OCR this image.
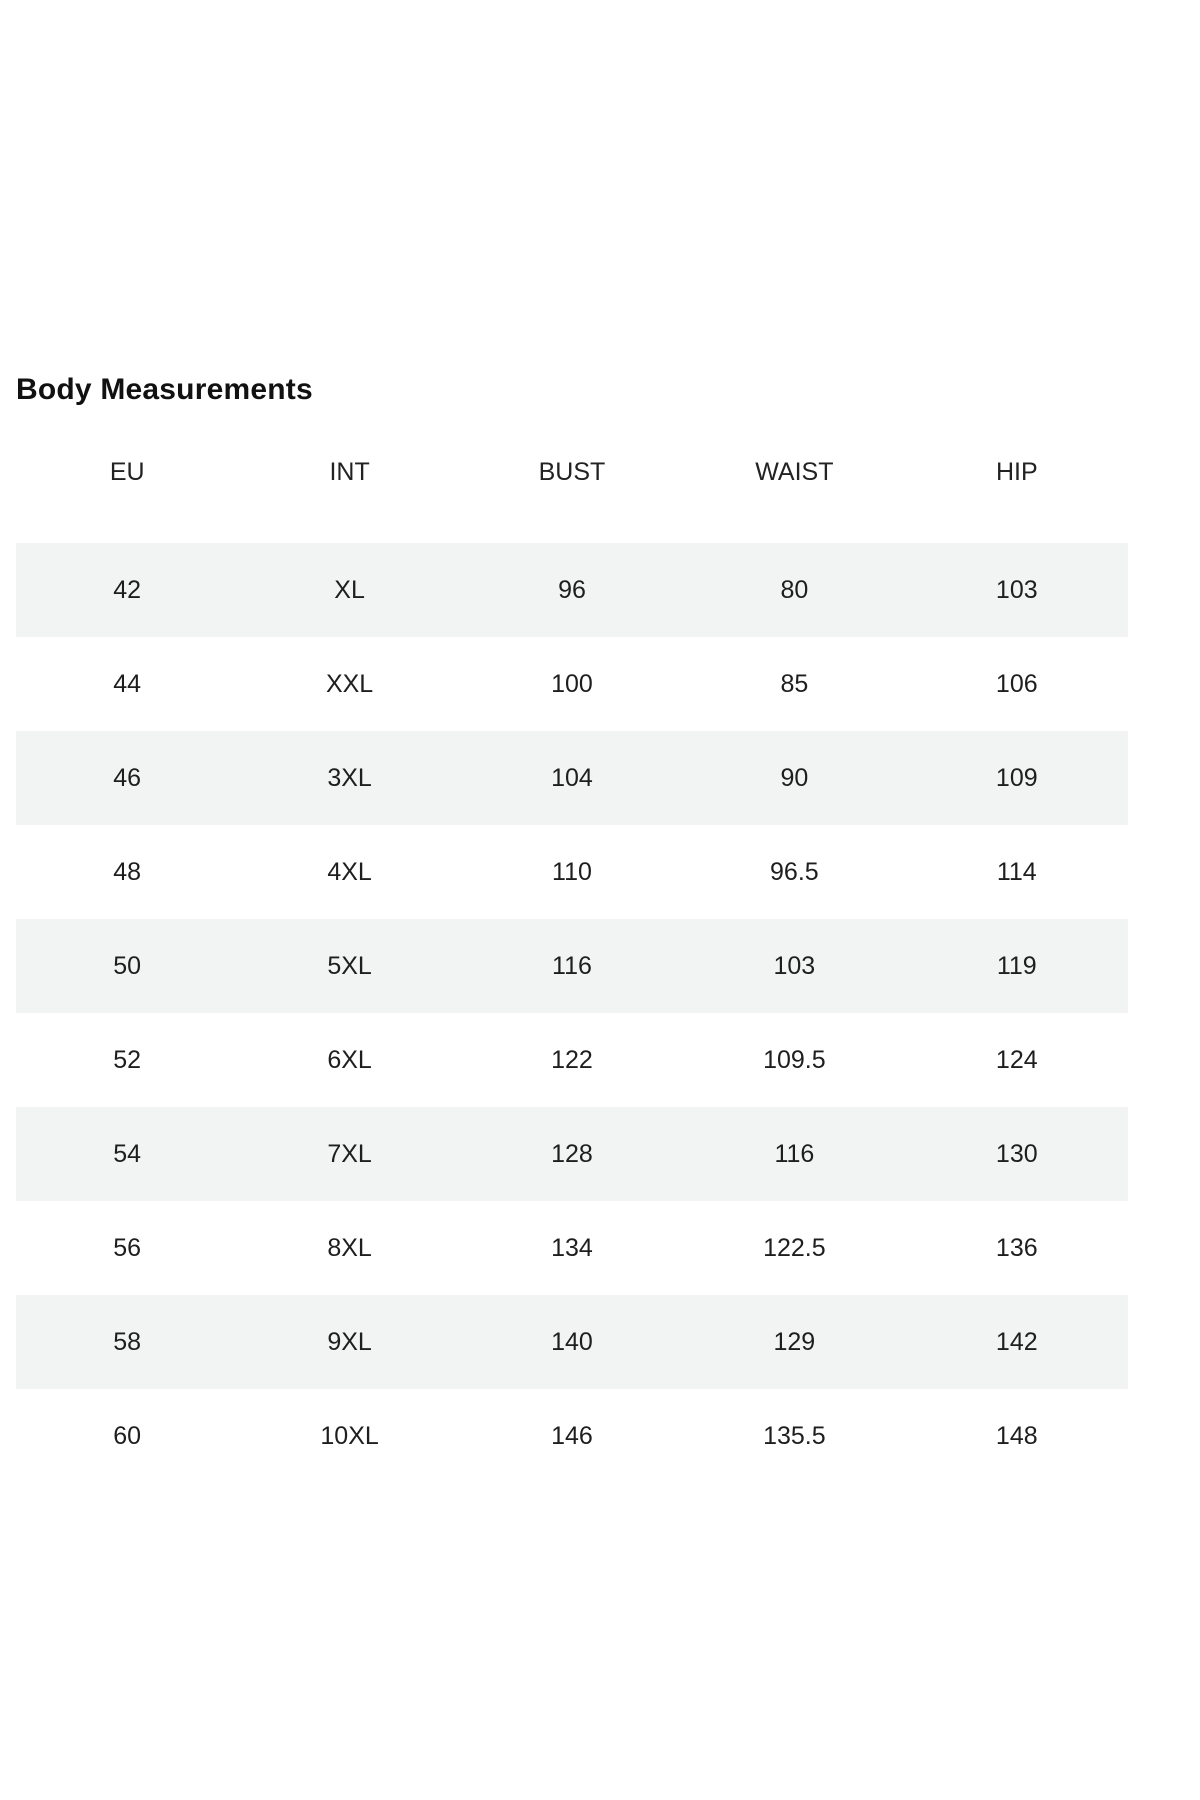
Body Measurements
EU	INT	BUST	WAIST	HIP

42	XL	96	80	103
44	XXL	100	85	106
46	3XL	104	90	109
48	4XL	110	96.5	114
50	5XL	116	103	119
52	6XL	122	109.5	124
54	7XL	128	116	130
56	8XL	134	122.5	136
58	9XL	140	129	142
60	10XL	146	135.5	148
